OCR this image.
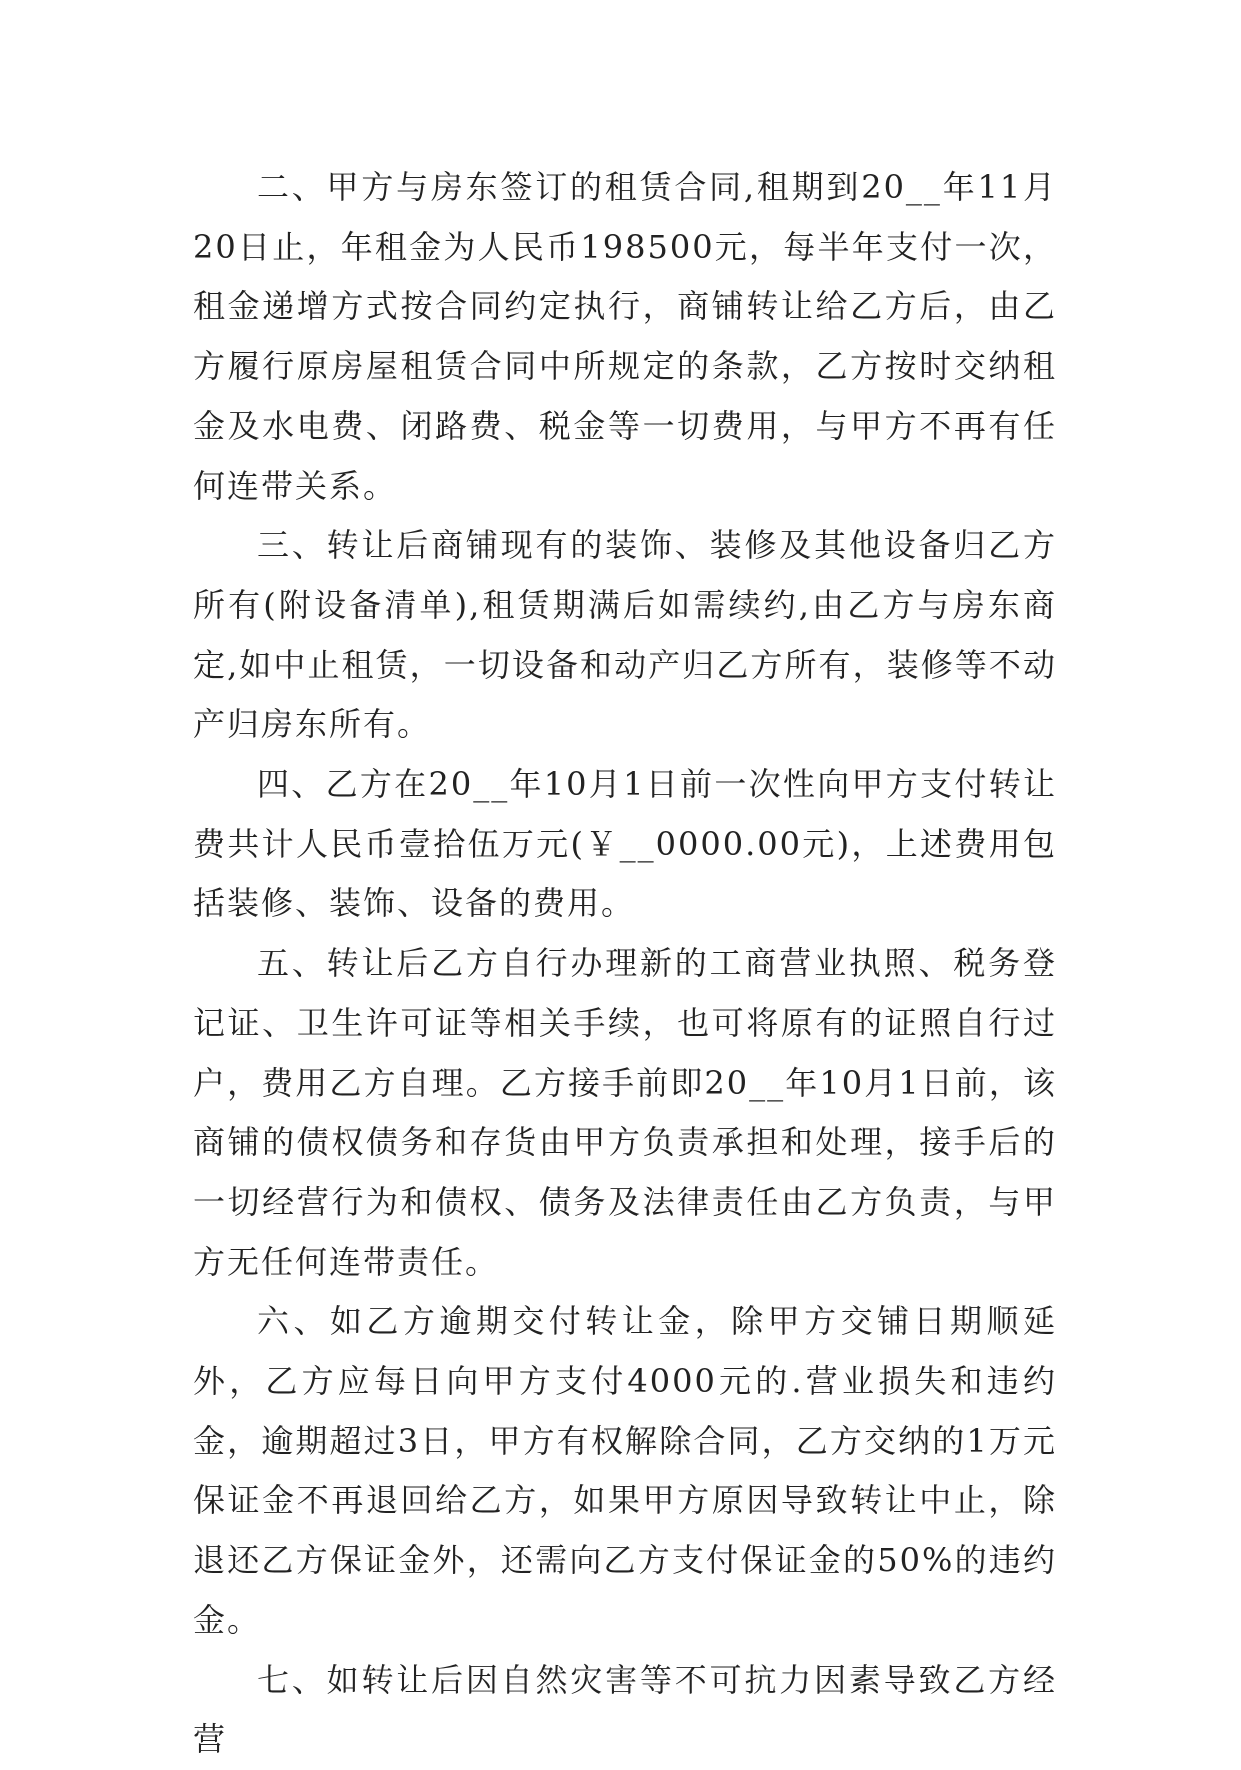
二、甲方与房东签订的租赁合同,租期到20__年11月20日止，年租金为人民币198500元，每半年支付一次，租金递增方式按合同约定执行，商铺转让给乙方后，由乙方履行原房屋租赁合同中所规定的条款，乙方按时交纳租金及水电费、闭路费、税金等一切费用，与甲方不再有任何连带关系。

三、转让后商铺现有的装饰、装修及其他设备归乙方所有(附设备清单),租赁期满后如需续约,由乙方与房东商定,如中止租赁，一切设备和动产归乙方所有，装修等不动产归房东所有。

四、乙方在20__年10月1日前一次性向甲方支付转让费共计人民币壹拾伍万元(￥__0000.00元)，上述费用包括装修、装饰、设备的费用。

五、转让后乙方自行办理新的工商营业执照、税务登记证、卫生许可证等相关手续，也可将原有的证照自行过户，费用乙方自理。乙方接手前即20__年10月1日前，该商铺的债权债务和存货由甲方负责承担和处理，接手后的一切经营行为和债权、债务及法律责任由乙方负责，与甲方无任何连带责任。

六、如乙方逾期交付转让金，除甲方交铺日期顺延外，乙方应每日向甲方支付4000元的.营业损失和违约金，逾期超过3日，甲方有权解除合同，乙方交纳的1万元保证金不再退回给乙方，如果甲方原因导致转让中止，除退还乙方保证金外，还需向乙方支付保证金的50%的违约金。

七、如转让后因自然灾害等不可抗力因素导致乙方经营
